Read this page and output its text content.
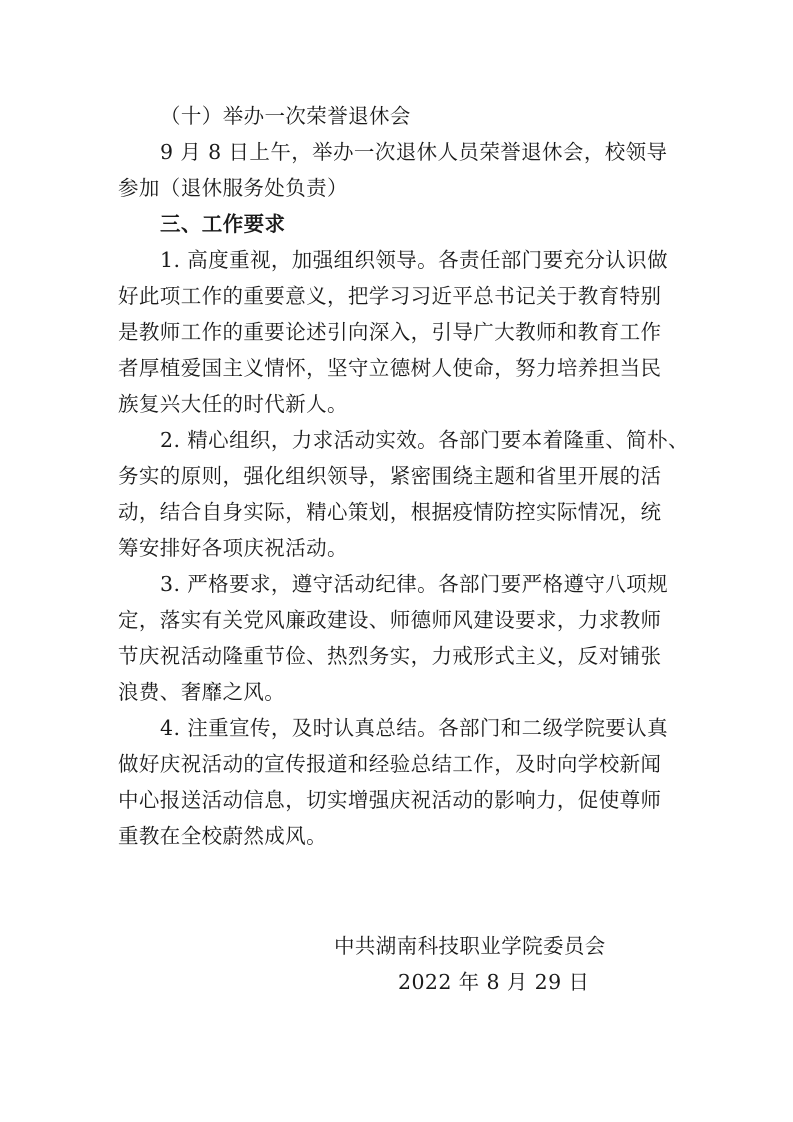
（十）举办一次荣誉退休会
9 月 8 日上午，举办一次退休人员荣誉退休会，校领导
参加（退休服务处负责）
三、工作要求
1. 高度重视，加强组织领导。各责任部门要充分认识做
好此项工作的重要意义，把学习习近平总书记关于教育特别
是教师工作的重要论述引向深入，引导广大教师和教育工作
者厚植爱国主义情怀，坚守立德树人使命，努力培养担当民
族复兴大任的时代新人。
2. 精心组织，力求活动实效。各部门要本着隆重、简朴、
务实的原则，强化组织领导，紧密围绕主题和省里开展的活
动，结合自身实际，精心策划，根据疫情防控实际情况，统
筹安排好各项庆祝活动。
3. 严格要求，遵守活动纪律。各部门要严格遵守八项规
定，落实有关党风廉政建设、师德师风建设要求，力求教师
节庆祝活动隆重节俭、热烈务实，力戒形式主义，反对铺张
浪费、奢靡之风。
4. 注重宣传，及时认真总结。各部门和二级学院要认真
做好庆祝活动的宣传报道和经验总结工作，及时向学校新闻
中心报送活动信息，切实增强庆祝活动的影响力，促使尊师
重教在全校蔚然成风。
中共湖南科技职业学院委员会
2022 年 8 月 29 日
